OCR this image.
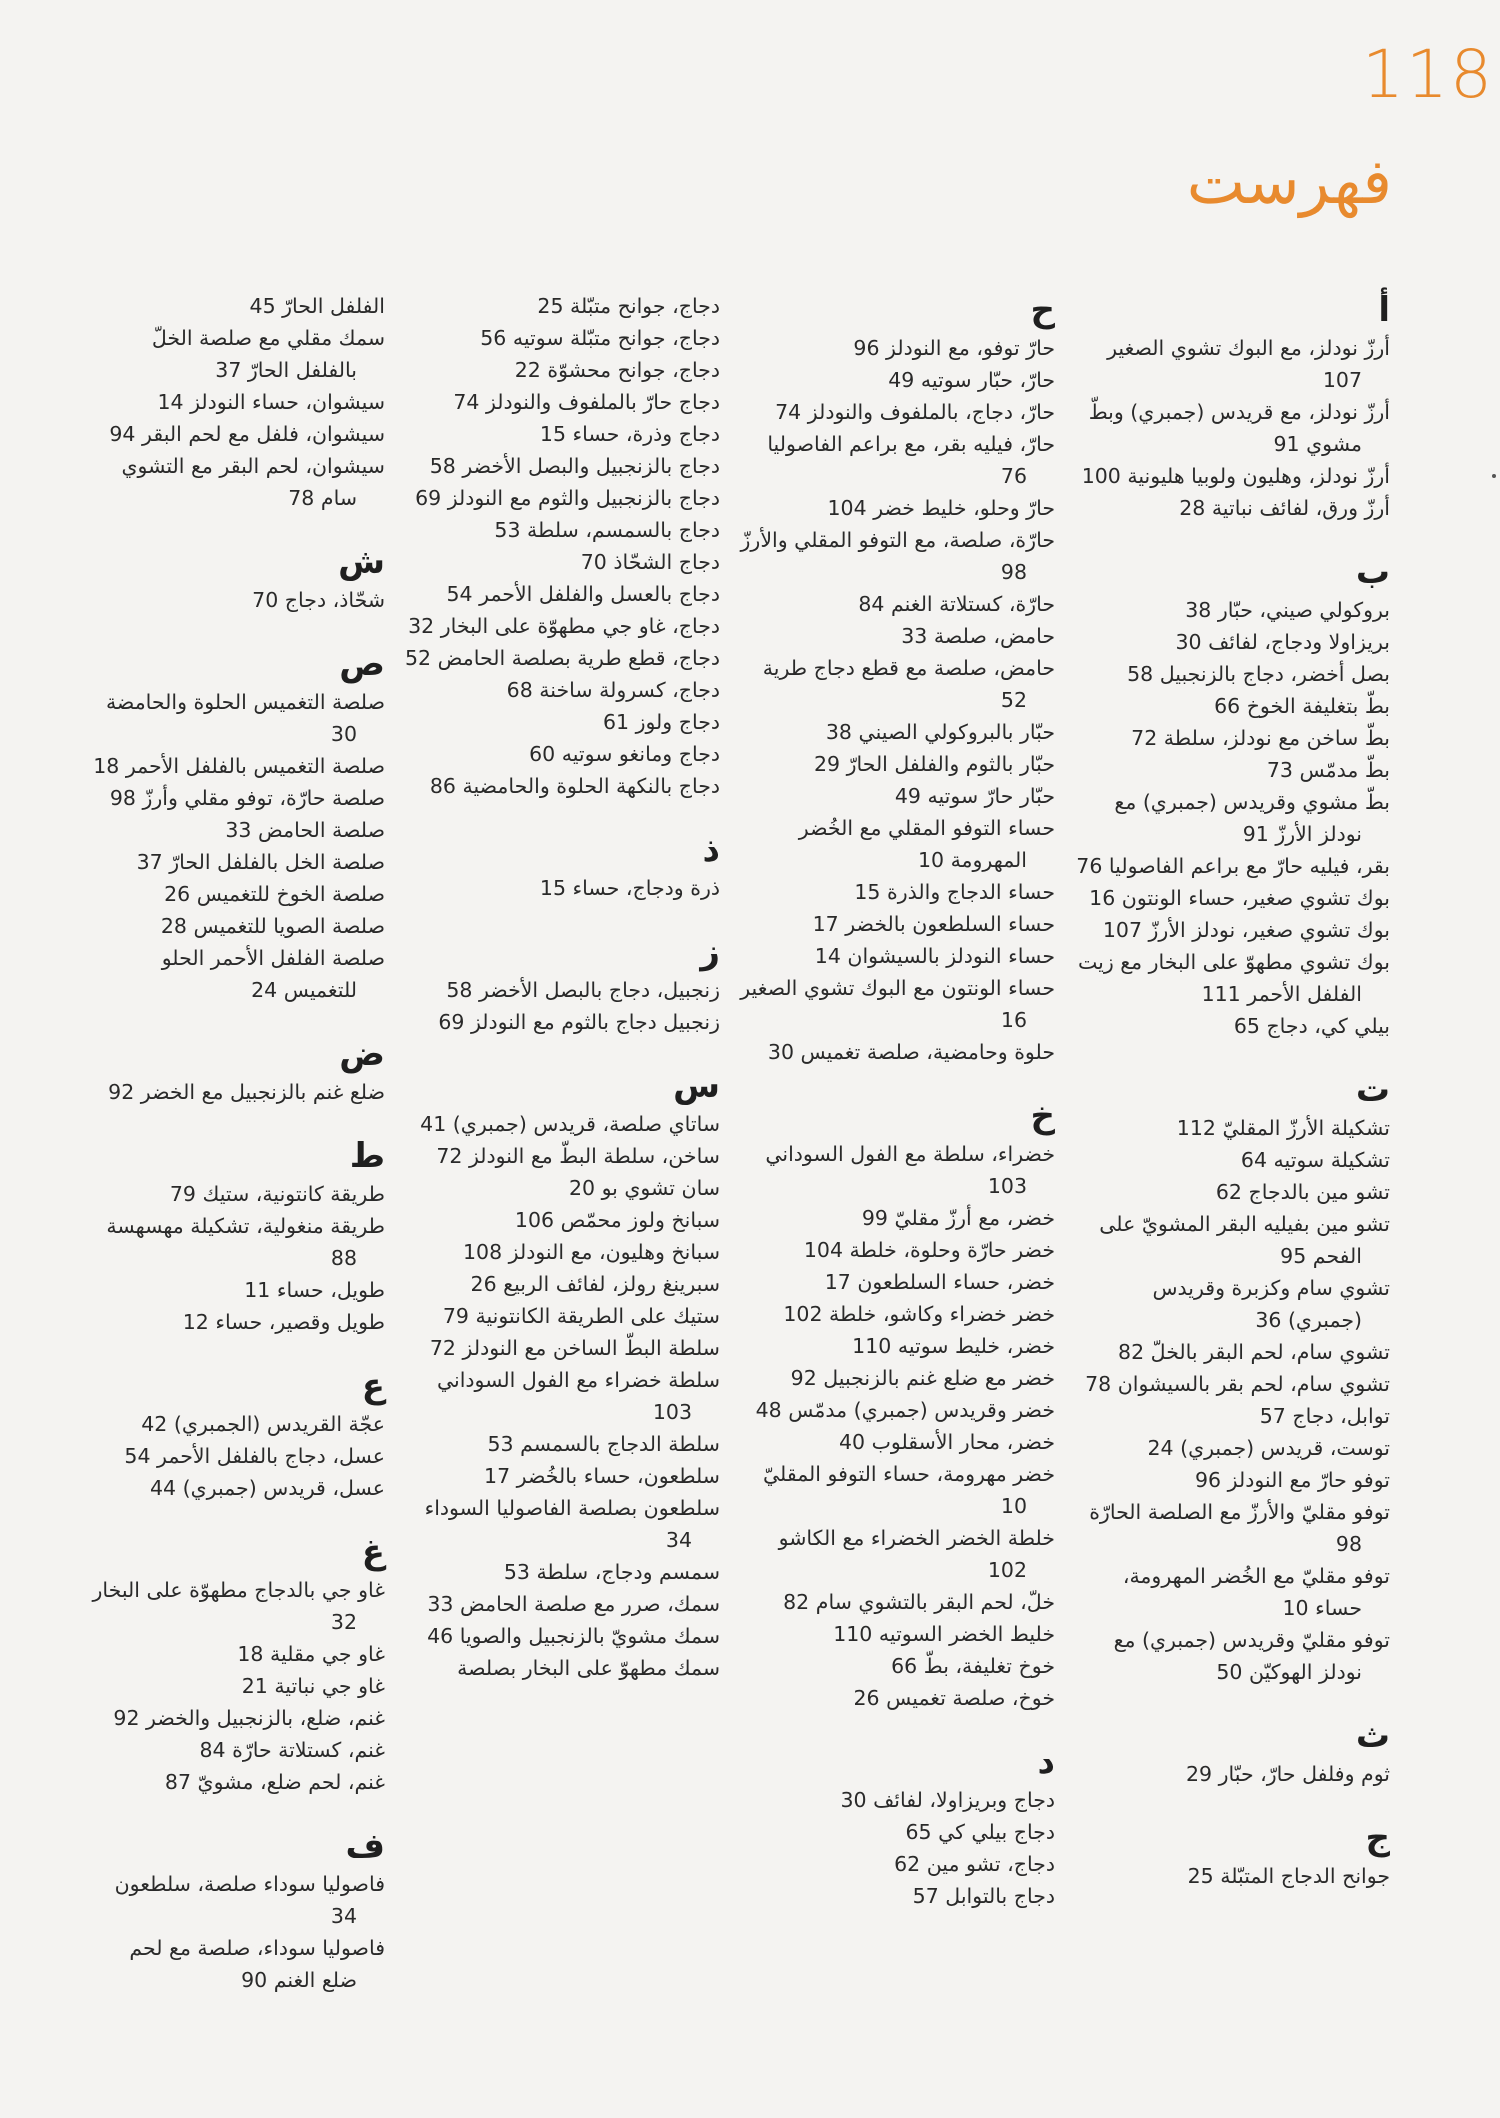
118
فهرست
أ
أرزّ نودلز، مع البوك تشوي الصغير 107
أرزّ نودلز، مع قريدس (جمبري) وبطّ مشوي 91
أرزّ نودلز، وهليون ولوبيا هليونية 100
أرزّ ورق، لفائف نباتية 28
ب
بروكولي صيني، حبّار 38
بريزاولا ودجاج، لفائف 30
بصل أخضر، دجاج بالزنجبيل 58
بطّ بتغليفة الخوخ 66
بطّ ساخن مع نودلز، سلطة 72
بطّ مدمّس 73
بطّ مشوي وقريدس (جمبري) مع نودلز الأرزّ 91
بقر، فيليه حارّ مع براعم الفاصوليا 76
بوك تشوي صغير، حساء الونتون 16
بوك تشوي صغير، نودلز الأرزّ 107
بوك تشوي مطهوّ على البخار مع زيت الفلفل الأحمر 111
بيلي كي، دجاج 65
ت
تشكيلة الأرزّ المقليّ 112
تشكيلة سوتيه 64
تشو مين بالدجاج 62
تشو مين بفيليه البقر المشويّ على الفحم 95
تشوي سام وكزبرة وقريدس (جمبري) 36
تشوي سام، لحم البقر بالخلّ 82
تشوي سام، لحم بقر بالسيشوان 78
توابل، دجاج 57
توست، قريدس (جمبري) 24
توفو حارّ مع النودلز 96
توفو مقليّ والأرزّ مع الصلصة الحارّة 98
توفو مقليّ مع الخُضر المهرومة، حساء 10
توفو مقليّ وقريدس (جمبري) مع نودلز الهوكيّن 50
ث
ثوم وفلفل حارّ، حبّار 29
ج
جوانح الدجاج المتبّلة 25
ح
حارّ توفو، مع النودلز 96
حارّ، حبّار سوتيه 49
حارّ، دجاج، بالملفوف والنودلز 74
حارّ، فيليه بقر، مع براعم الفاصوليا 76
حارّ وحلو، خليط خضر 104
حارّة، صلصة، مع التوفو المقلي والأرزّ 98
حارّة، كستلاتة الغنم 84
حامض، صلصة 33
حامض، صلصة مع قطع دجاج طرية 52
حبّار بالبروكولي الصيني 38
حبّار بالثوم والفلفل الحارّ 29
حبّار حارّ سوتيه 49
حساء التوفو المقلي مع الخُضر المهرومة 10
حساء الدجاج والذرة 15
حساء السلطعون بالخضر 17
حساء النودلز بالسيشوان 14
حساء الونتون مع البوك تشوي الصغير 16
حلوة وحامضية، صلصة تغميس 30
خ
خضراء، سلطة مع الفول السوداني 103
خضر، مع أرزّ مقليّ 99
خضر حارّة وحلوة، خلطة 104
خضر، حساء السلطعون 17
خضر خضراء وكاشو، خلطة 102
خضر، خليط سوتيه 110
خضر مع ضلع غنم بالزنجبيل 92
خضر وقريدس (جمبري) مدمّس 48
خضر، محار الأسقلوب 40
خضر مهرومة، حساء التوفو المقليّ 10
خلطة الخضر الخضراء مع الكاشو 102
خلّ، لحم البقر بالتشوي سام 82
خليط الخضر السوتيه 110
خوخ تغليفة، بطّ 66
خوخ، صلصة تغميس 26
د
دجاج وبريزاولا، لفائف 30
دجاج بيلي كي 65
دجاج، تشو مين 62
دجاج بالتوابل 57
دجاج، جوانح متبّلة 25
دجاج، جوانح متبّلة سوتيه 56
دجاج، جوانح محشوّة 22
دجاج حارّ بالملفوف والنودلز 74
دجاج وذرة، حساء 15
دجاج بالزنجبيل والبصل الأخضر 58
دجاج بالزنجبيل والثوم مع النودلز 69
دجاج بالسمسم، سلطة 53
دجاج الشحّاذ 70
دجاج بالعسل والفلفل الأحمر 54
دجاج، غاو جي مطهوّة على البخار 32
دجاج، قطع طرية بصلصة الحامض 52
دجاج، كسرولة ساخنة 68
دجاج ولوز 61
دجاج ومانغو سوتيه 60
دجاج بالنكهة الحلوة والحامضية 86
ذ
ذرة ودجاج، حساء 15
ز
زنجبيل، دجاج بالبصل الأخضر 58
زنجبيل دجاج بالثوم مع النودلز 69
س
ساتاي صلصة، قريدس (جمبري) 41
ساخن، سلطة البطّ مع النودلز 72
سان تشوي بو 20
سبانخ ولوز محمّص 106
سبانخ وهليون، مع النودلز 108
سبرينغ رولز، لفائف الربيع 26
ستيك على الطريقة الكانتونية 79
سلطة البطّ الساخن مع النودلز 72
سلطة خضراء مع الفول السوداني 103
سلطة الدجاج بالسمسم 53
سلطعون، حساء بالخُضر 17
سلطعون بصلصة الفاصوليا السوداء 34
سمسم ودجاج، سلطة 53
سمك، صرر مع صلصة الحامض 33
سمك مشويّ بالزنجبيل والصويا 46
سمك مطهوّ على البخار بصلصة
الفلفل الحارّ 45
سمك مقلي مع صلصة الخلّ بالفلفل الحارّ 37
سيشوان، حساء النودلز 14
سيشوان، فلفل مع لحم البقر 94
سيشوان، لحم البقر مع التشوي سام 78
ش
شحّاذ، دجاج 70
ص
صلصة التغميس الحلوة والحامضة 30
صلصة التغميس بالفلفل الأحمر 18
صلصة حارّة، توفو مقلي وأرزّ 98
صلصة الحامض 33
صلصة الخل بالفلفل الحارّ 37
صلصة الخوخ للتغميس 26
صلصة الصويا للتغميس 28
صلصة الفلفل الأحمر الحلو للتغميس 24
ض
ضلع غنم بالزنجبيل مع الخضر 92
ط
طريقة كانتونية، ستيك 79
طريقة منغولية، تشكيلة مهسهسة 88
طويل، حساء 11
طويل وقصير، حساء 12
ع
عجّة القريدس (الجمبري) 42
عسل، دجاج بالفلفل الأحمر 54
عسل، قريدس (جمبري) 44
غ
غاو جي بالدجاج مطهوّة على البخار 32
غاو جي مقلية 18
غاو جي نباتية 21
غنم، ضلع، بالزنجبيل والخضر 92
غنم، كستلاتة حارّة 84
غنم، لحم ضلع، مشويّ 87
ف
فاصوليا سوداء صلصة، سلطعون 34
فاصوليا سوداء، صلصة مع لحم ضلع الغنم 90
